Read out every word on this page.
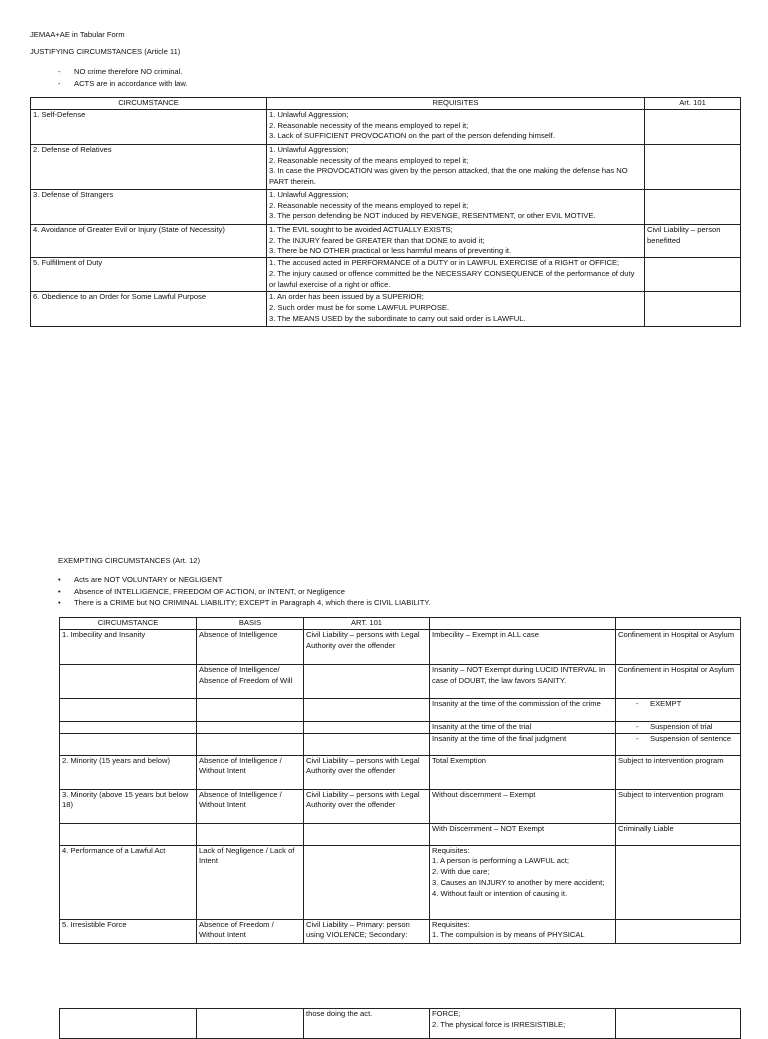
JEMAA+AE in Tabular Form
JUSTIFYING CIRCUMSTANCES (Article 11)
- NO crime therefore NO criminal.
- ACTS are in accordance with law.
CIRCUMSTANCE	REQUISITES	Art. 101
1. Self-Defense	1. Unlawful Aggression;
2. Reasonable necessity of the means employed to repel it;
3. Lack of SUFFICIENT PROVOCATION on the part of the person defending himself.	

2. Defense of Relatives	1. Unlawful Aggression;
2. Reasonable necessity of the means employed to repel it;
3. In case the PROVOCATION was given by the person attacked, that the one making the defense has NO PART therein.	

3. Defense of Strangers	1. Unlawful Aggression;
2. Reasonable necessity of the means employed to repel it;
3. The person defending be NOT induced by REVENGE, RESENTMENT, or other EVIL MOTIVE.	

4. Avoidance of Greater Evil or Injury (State of Necessity)	1. The EVIL sought to be avoided ACTUALLY EXISTS;
2. The INJURY feared be GREATER than that DONE to avoid it;
3. There be NO OTHER practical or less harmful means of preventing it.	Civil Liability – person benefitted
5. Fulfillment of Duty	1. The accused acted in PERFORMANCE of a DUTY or in LAWFUL EXERCISE of a RIGHT or OFFICE;
2. The injury caused or offence committed be the NECESSARY CONSEQUENCE of the performance of duty or lawful exercise of a right or office.	

6. Obedience to an Order for Some Lawful Purpose	1. An order has been issued by a SUPERIOR;
2. Such order must be for some LAWFUL PURPOSE.
3. The MEANS USED by the subordinate to carry out said order is LAWFUL.	

EXEMPTING CIRCUMSTANCES (Art. 12)
• Acts are NOT VOLUNTARY or NEGLIGENT
• Absence of INTELLIGENCE, FREEDOM OF ACTION, or INTENT, or Negligence
• There is a CRIME but NO CRIMINAL LIABILITY; EXCEPT in Paragraph 4, which there is CIVIL LIABILITY.
CIRCUMSTANCE	BASIS	ART. 101		
1. Imbecility and Insanity	Absence of Intelligence	Civil Liability – persons with Legal Authority over the offender	Imbecility – Exempt in ALL case	Confinement in Hospital or Asylum
	Absence of Intelligence/ Absence of Freedom of Will		Insanity – NOT Exempt during LUCID INTERVAL In case of DOUBT, the law favors SANITY.	Confinement in Hospital or Asylum
			Insanity at the time of the commission of the crime	- EXEMPT

			Insanity at the time of the trial	- Suspension of trial

			Insanity at the time of the final judgment	- Suspension of sentence

2. Minority (15 years and below)	Absence of Intelligence / Without Intent	Civil Liability – persons with Legal Authority over the offender	Total Exemption	Subject to intervention program
3. Minority (above 15 years but below 18)	Absence of Intelligence / Without Intent	Civil Liability – persons with Legal Authority over the offender	Without discernment – Exempt	Subject to intervention program
			With Discernment – NOT Exempt	Criminally Liable
4. Performance of a Lawful Act	Lack of Negligence / Lack of Intent		Requisites:
1. A person is performing a LAWFUL act;
2. With due care;
3. Causes an INJURY to another by mere accident;
4. Without fault or intention of causing it.	

5. Irresistible Force	Absence of Freedom / Without Intent	Civil Liability – Primary: person using VIOLENCE; Secondary:	Requisites:
1. The compulsion is by means of PHYSICAL	

		those doing the act.	FORCE;
2. The physical force is IRRESISTIBLE;
